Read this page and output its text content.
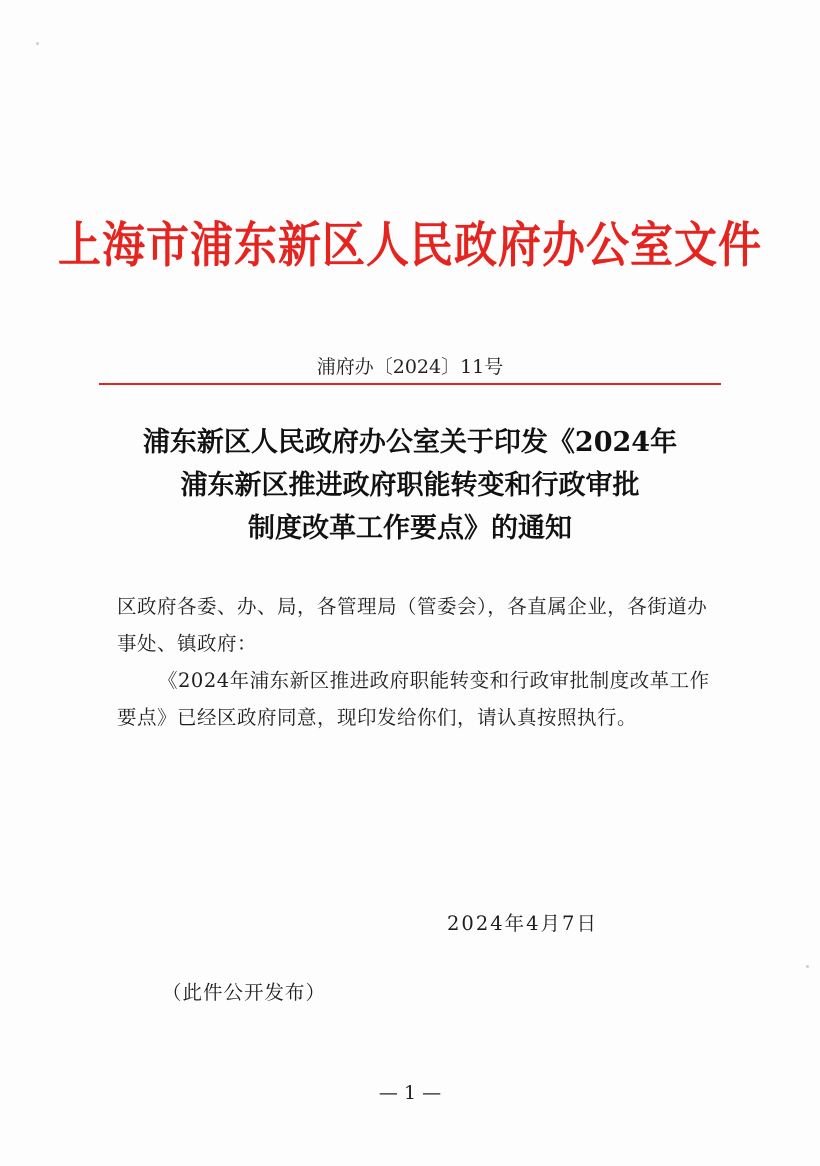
上海市浦东新区人民政府办公室文件
浦府办〔2024〕11号
浦东新区人民政府办公室关于印发《2024年
浦东新区推进政府职能转变和行政审批
制度改革工作要点》的通知
区政府各委、办、局，各管理局（管委会），各直属企业，各街道办事处、镇政府：
《2024年浦东新区推进政府职能转变和行政审批制度改革工作要点》已经区政府同意，现印发给你们，请认真按照执行。
2024年4月7日
（此件公开发布）
— 1 —
